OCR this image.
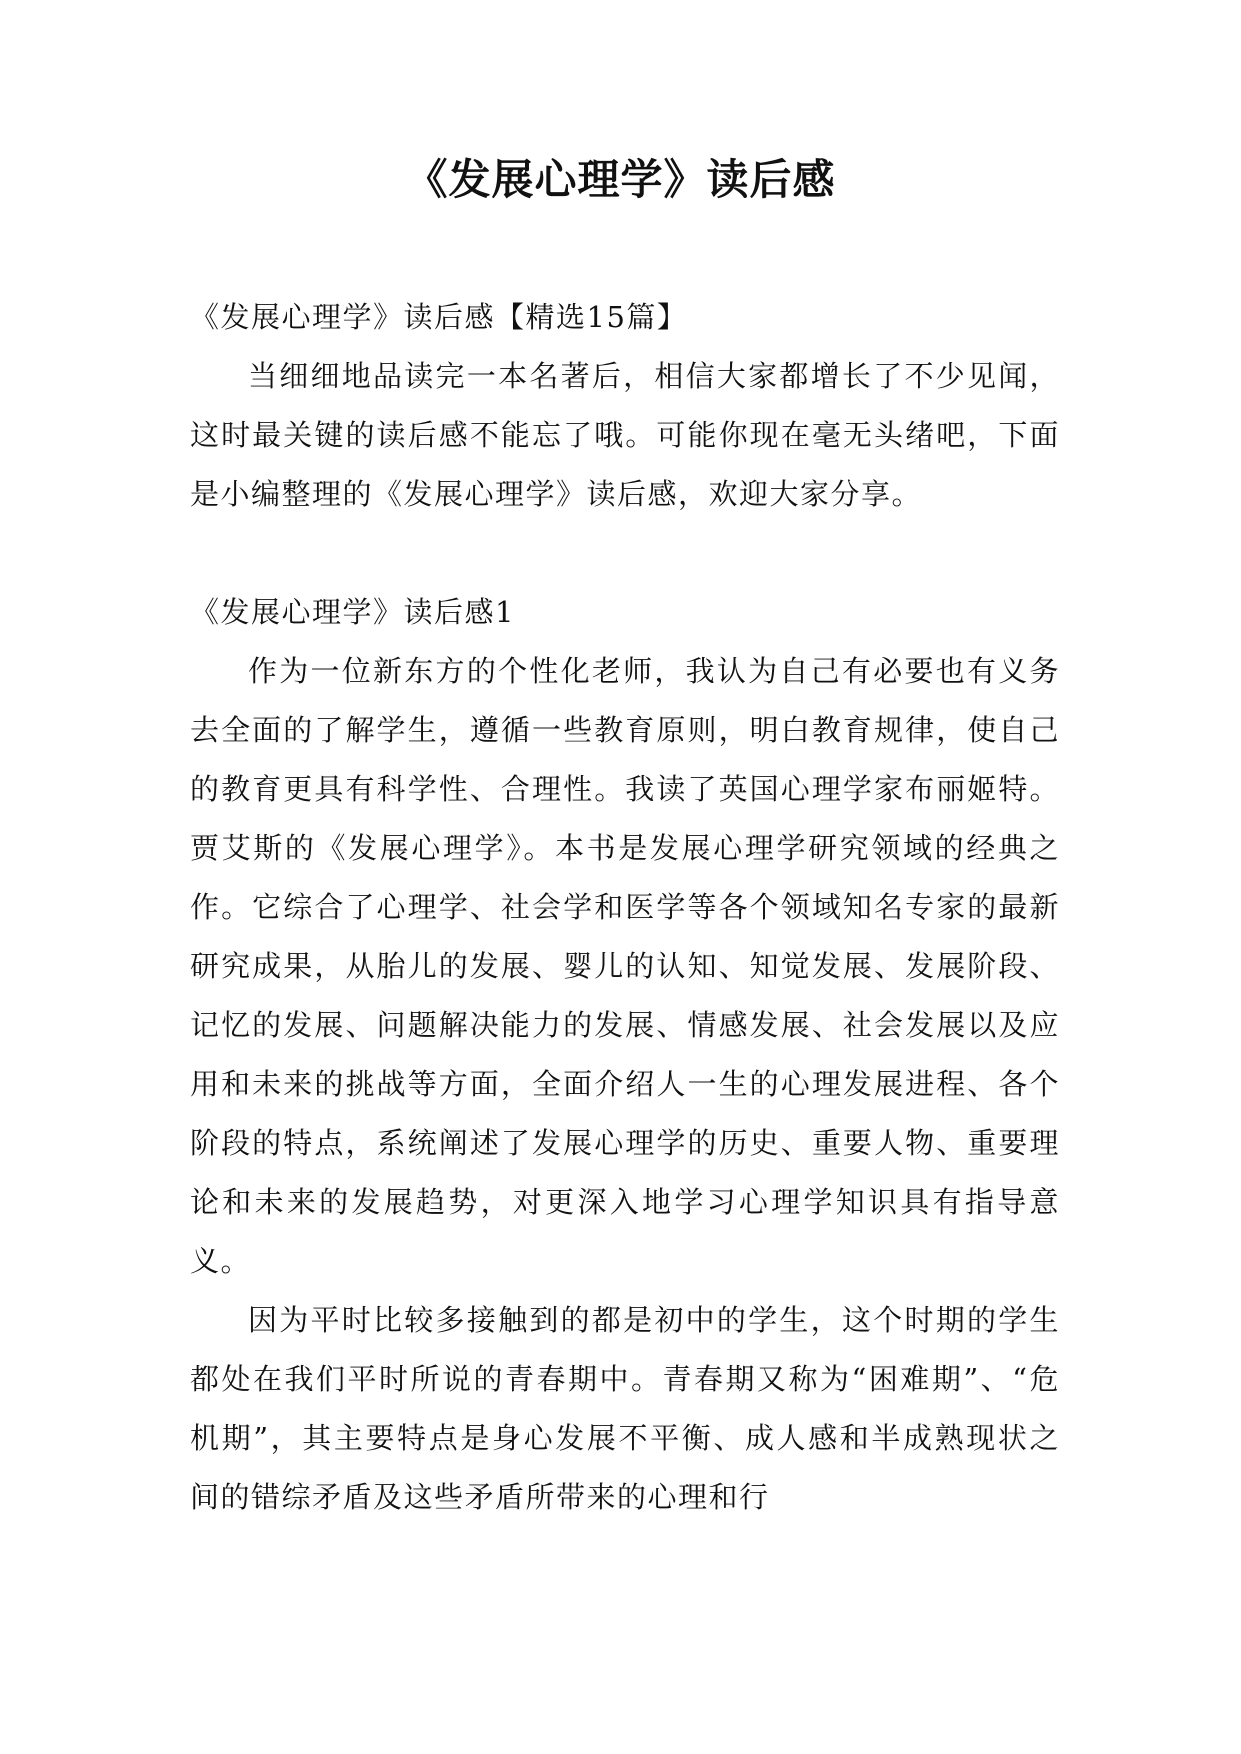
《发展心理学》读后感

《发展心理学》读后感【精选15篇】

当细细地品读完一本名著后，相信大家都增长了不少见闻，这时最关键的读后感不能忘了哦。可能你现在毫无头绪吧，下面是小编整理的《发展心理学》读后感，欢迎大家分享。

《发展心理学》读后感1

作为一位新东方的个性化老师，我认为自己有必要也有义务去全面的了解学生，遵循一些教育原则，明白教育规律，使自己的教育更具有科学性、合理性。我读了英国心理学家布丽姬特。贾艾斯的《发展心理学》。本书是发展心理学研究领域的经典之作。它综合了心理学、社会学和医学等各个领域知名专家的最新研究成果，从胎儿的发展、婴儿的认知、知觉发展、发展阶段、记忆的发展、问题解决能力的发展、情感发展、社会发展以及应用和未来的挑战等方面，全面介绍人一生的心理发展进程、各个阶段的特点，系统阐述了发展心理学的历史、重要人物、重要理论和未来的发展趋势，对更深入地学习心理学知识具有指导意义。

因为平时比较多接触到的都是初中的学生，这个时期的学生都处在我们平时所说的青春期中。青春期又称为“困难期”、“危机期”，其主要特点是身心发展不平衡、成人感和半成熟现状之间的错综矛盾及这些矛盾所带来的心理和行
